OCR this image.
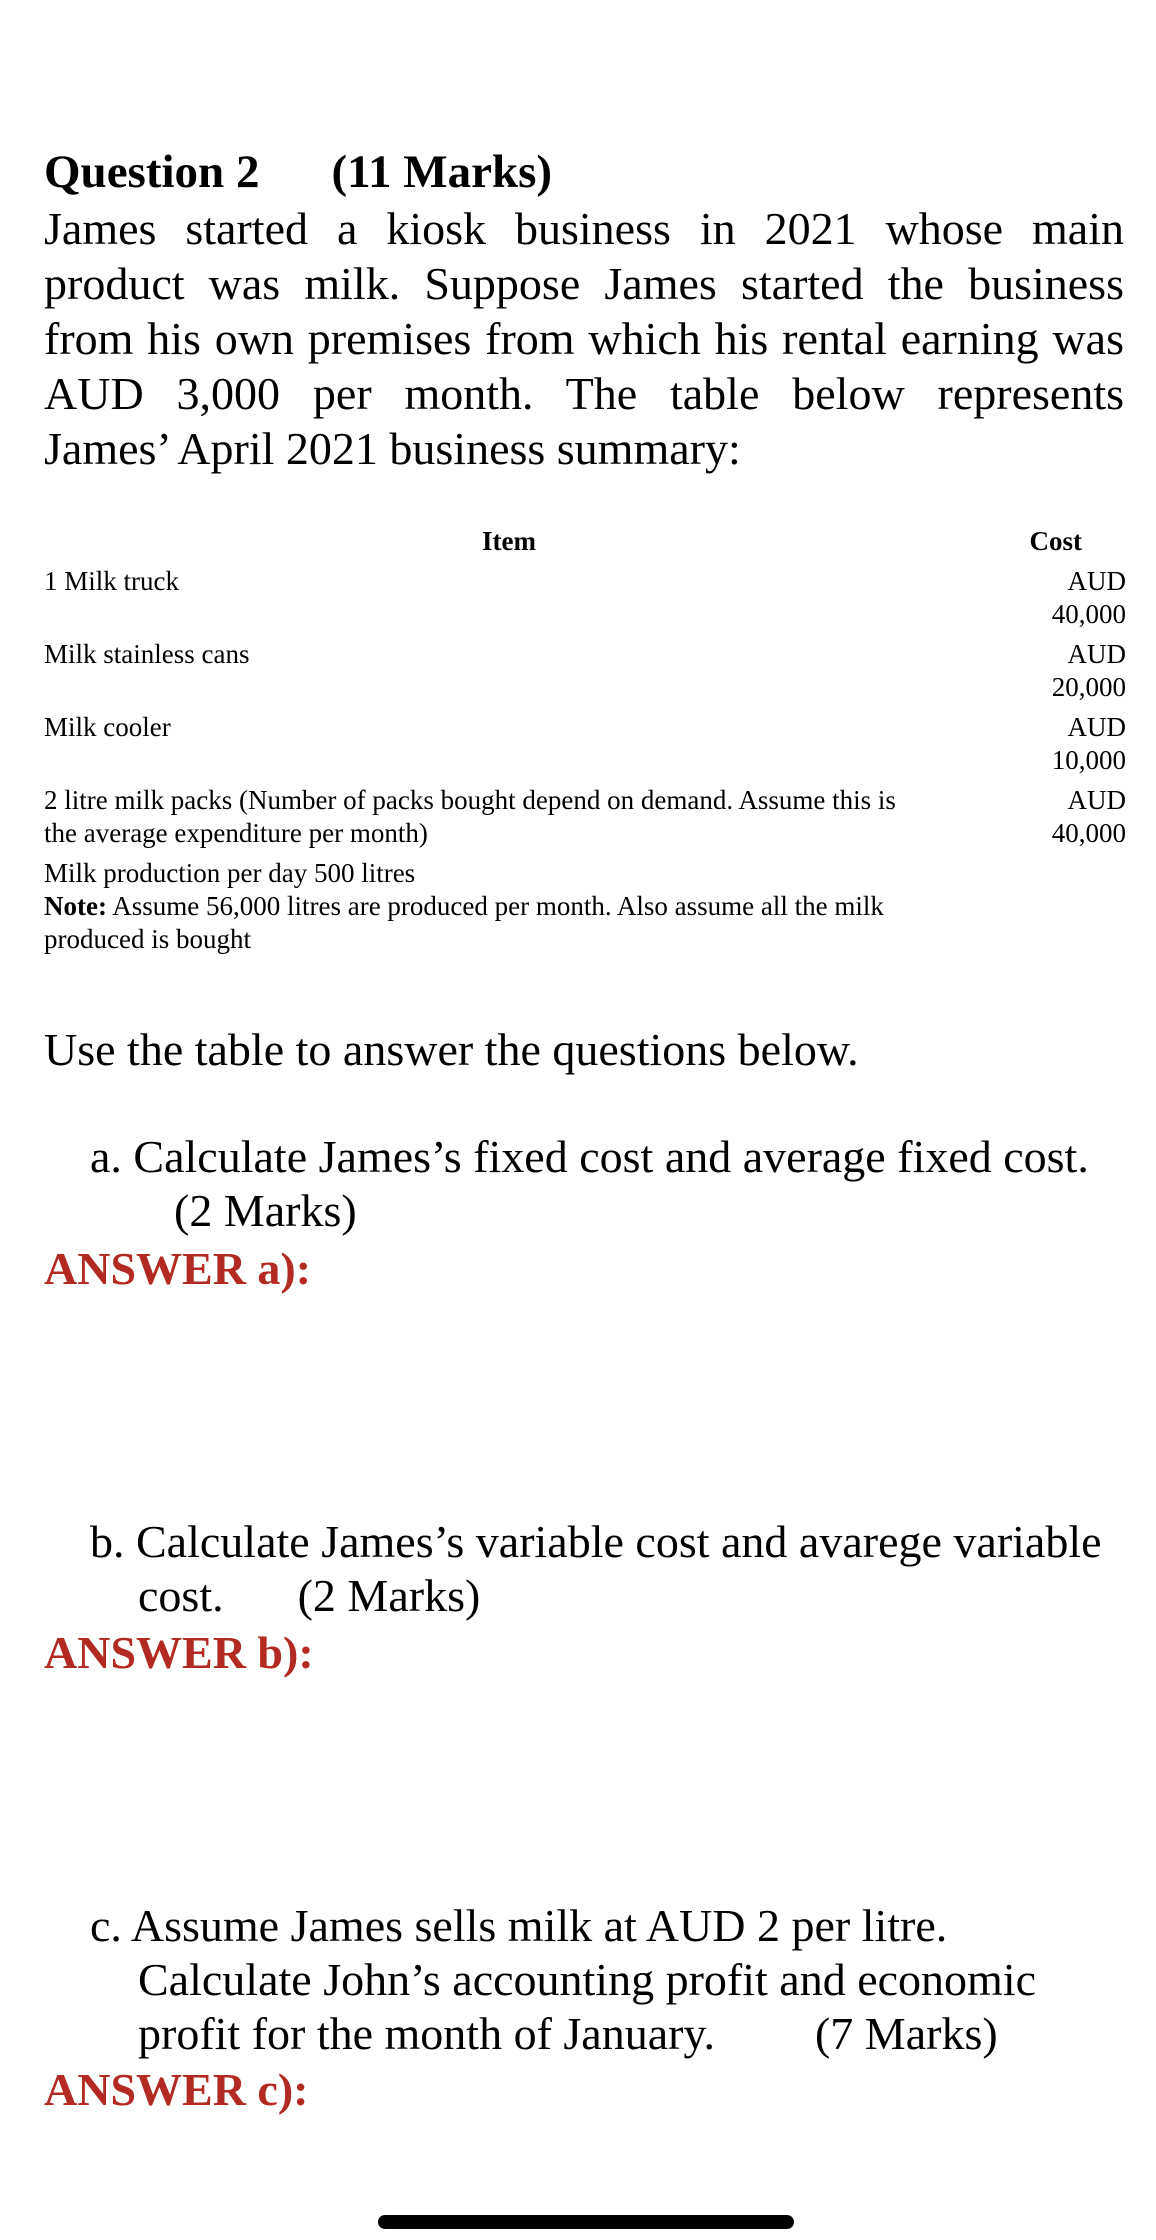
Question 2 (11 Marks)
James started a kiosk business in 2021 whose main
product was milk. Suppose James started the business
from his own premises from which his rental earning was
AUD 3,000 per month. The table below represents
James’ April 2021 business summary:
Item	Cost
1 Milk truck	AUD
40,000
Milk stainless cans	AUD
20,000
Milk cooler	AUD
10,000
2 litre milk packs (Number of packs bought depend on demand. Assume this is
the average expenditure per month)
AUD
40,000
Milk production per day 500 litres
Note: Assume 56,000 litres are produced per month. Also assume all the milk
produced is bought
Use the table to answer the questions below.
a. Calculate James’s fixed cost and average fixed cost.
(2 Marks)
ANSWER a):
b. Calculate James’s variable cost and avarege variable
cost. (2 Marks)
ANSWER b):
c. Assume James sells milk at AUD 2 per litre.
Calculate John’s accounting profit and economic
profit for the month of January. (7 Marks)
ANSWER c):
